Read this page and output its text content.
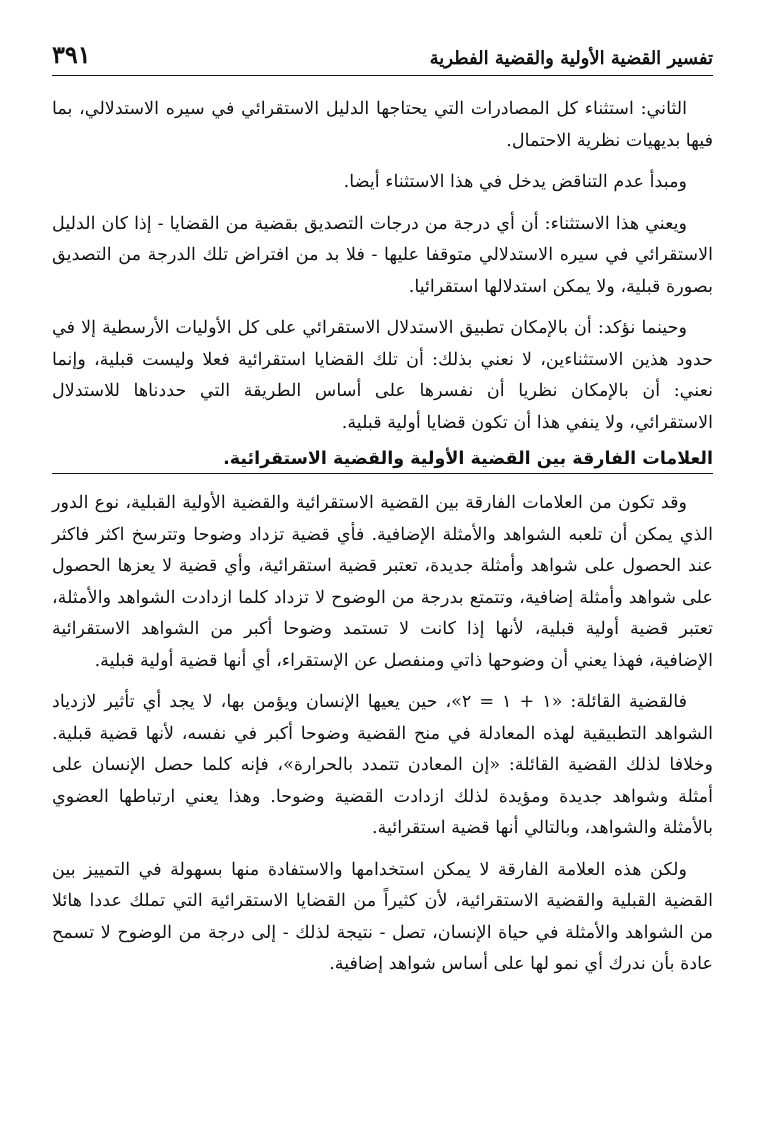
تفسير القضية الأولية والقضية الفطرية
٣٩١

الثاني: استثناء كل المصادرات التي يحتاجها الدليل الاستقرائي في سيره الاستدلالي، بما فيها بديهيات نظرية الاحتمال.

ومبدأ عدم التناقض يدخل في هذا الاستثناء أيضا.

ويعني هذا الاستثناء: أن أي درجة من درجات التصديق بقضية من القضايا - إذا كان الدليل الاستقرائي في سيره الاستدلالي متوقفا عليها - فلا بد من افتراض تلك الدرجة من التصديق بصورة قبلية، ولا يمكن استدلالها استقرائيا.

وحينما نؤكد: أن بالإمكان تطبيق الاستدلال الاستقرائي على كل الأوليات الأرسطية إلا في حدود هذين الاستثناءين، لا نعني بذلك: أن تلك القضايا استقرائية فعلا وليست قبلية، وإنما نعني: أن بالإمكان نظريا أن نفسرها على أساس الطريقة التي حددناها للاستدلال الاستقرائي، ولا ينفي هذا أن تكون قضايا أولية قبلية.

العلامات الفارقة بين القضية الأولية والقضية الاستقرائية.

وقد تكون من العلامات الفارقة بين القضية الاستقرائية والقضية الأولية القبلية، نوع الدور الذي يمكن أن تلعبه الشواهد والأمثلة الإضافية. فأي قضية تزداد وضوحا وتترسخ اكثر فاكثر عند الحصول على شواهد وأمثلة جديدة، تعتبر قضية استقرائية، وأي قضية لا يعزها الحصول على شواهد وأمثلة إضافية، وتتمتع بدرجة من الوضوح لا تزداد كلما ازدادت الشواهد والأمثلة، تعتبر قضية أولية قبلية، لأنها إذا كانت لا تستمد وضوحا أكبر من الشواهد الاستقرائية الإضافية، فهذا يعني أن وضوحها ذاتي ومنفصل عن الإستقراء، أي أنها قضية أولية قبلية.

فالقضية القائلة: «١ + ١ = ٢»، حين يعيها الإنسان ويؤمن بها، لا يجد أي تأثير لازدياد الشواهد التطبيقية لهذه المعادلة في منح القضية وضوحا أكبر في نفسه، لأنها قضية قبلية. وخلافا لذلك القضية القائلة: «إن المعادن تتمدد بالحرارة»، فإنه كلما حصل الإنسان على أمثلة وشواهد جديدة ومؤيدة لذلك ازدادت القضية وضوحا. وهذا يعني ارتباطها العضوي بالأمثلة والشواهد، وبالتالي أنها قضية استقرائية.

ولكن هذه العلامة الفارقة لا يمكن استخدامها والاستفادة منها بسهولة في التمييز بين القضية القبلية والقضية الاستقرائية، لأن كثيراً من القضايا الاستقرائية التي تملك عددا هائلا من الشواهد والأمثلة في حياة الإنسان، تصل - نتيجة لذلك - إلى درجة من الوضوح لا تسمح عادة بأن ندرك أي نمو لها على أساس شواهد إضافية.
